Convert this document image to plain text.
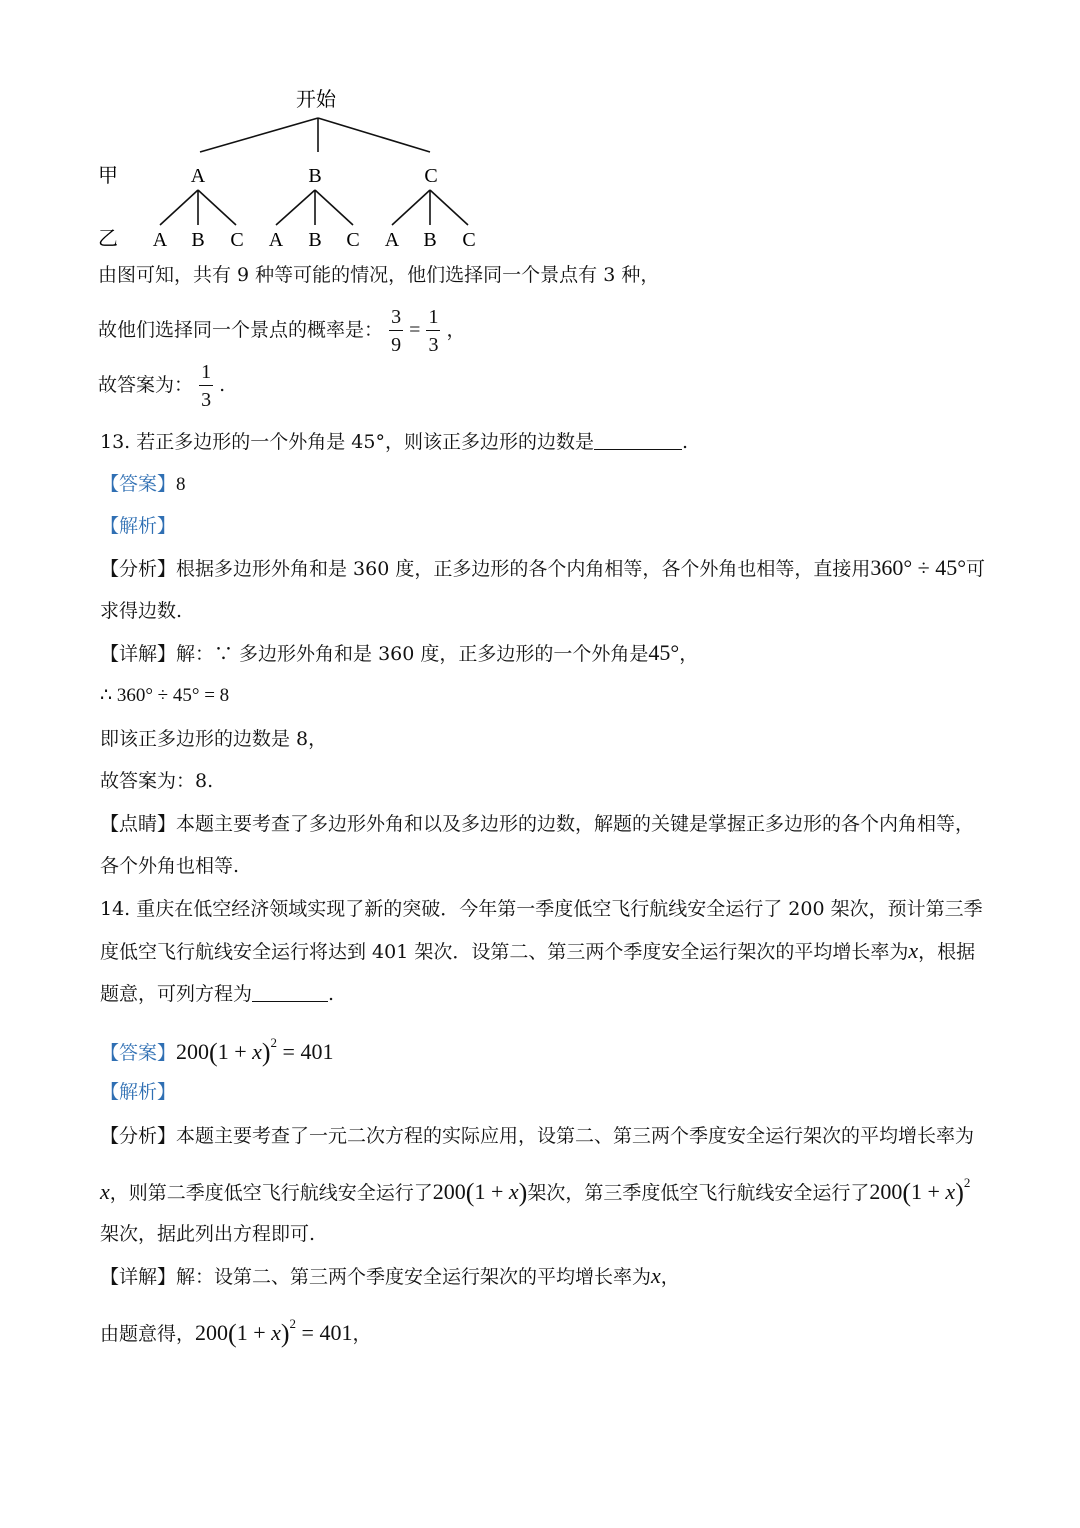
开始
甲
乙
A	B	C
A B C A B C A B C
由图可知，共有 9 种等可能的情况，他们选择同一个景点有 3 种，
故他们选择同一个景点的概率是： $\frac{3}{9} = \frac{1}{3}$ ，
故答案为： $\frac{1}{3}$ .
13. 若正多边形的一个外角是 45°，则该正多边形的边数是	.
【答案】8
【解析】
【分析】根据多边形外角和是 360 度，正多边形的各个内角相等，各个外角也相等，直接用360° ÷ 45°可
求得边数.
【详解】解：∵ 多边形外角和是 360 度，正多边形的一个外角是45°，
∴ 360° ÷ 45° = 8
即该正多边形的边数是 8，
故答案为：8.
【点睛】本题主要考查了多边形外角和以及多边形的边数，解题的关键是掌握正多边形的各个内角相等，
各个外角也相等.
14. 重庆在低空经济领域实现了新的突破．今年第一季度低空飞行航线安全运行了 200 架次，预计第三季
度低空飞行航线安全运行将达到 401 架次．设第二、第三两个季度安全运行架次的平均增长率为x，根据
题意，可列方程为	.
【答案】$200(1 + x)^2 = 401$
【解析】
【分析】本题主要考查了一元二次方程的实际应用，设第二、第三两个季度安全运行架次的平均增长率为
x，则第二季度低空飞行航线安全运行了200(1 + x)架次，第三季度低空飞行航线安全运行了$200(1 + x)^2$
架次，据此列出方程即可.
【详解】解：设第二、第三两个季度安全运行架次的平均增长率为x，
由题意得，$200(1 + x)^2 = 401$，
